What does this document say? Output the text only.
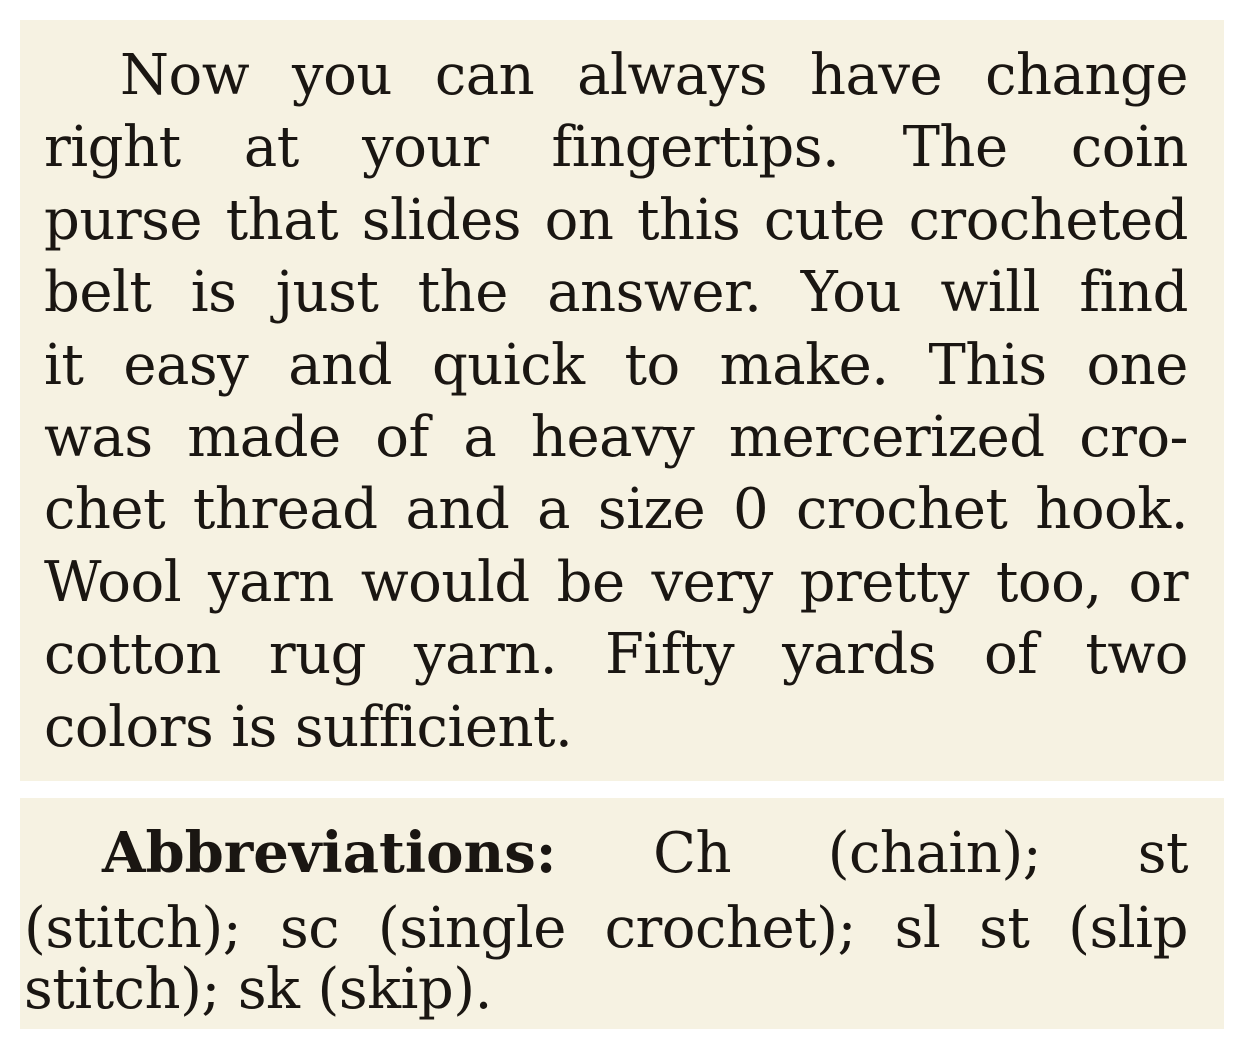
Now you can always have change
right at your fingertips. The coin
purse that slides on this cute crocheted
belt is just the answer. You will find
it easy and quick to make. This one
was made of a heavy mercerized cro-
chet thread and a size 0 crochet hook.
Wool yarn would be very pretty too, or
cotton rug yarn. Fifty yards of two
colors is sufficient.
Abbreviations: Ch (chain); st
(stitch); sc (single crochet); sl st (slip
stitch); sk (skip).
